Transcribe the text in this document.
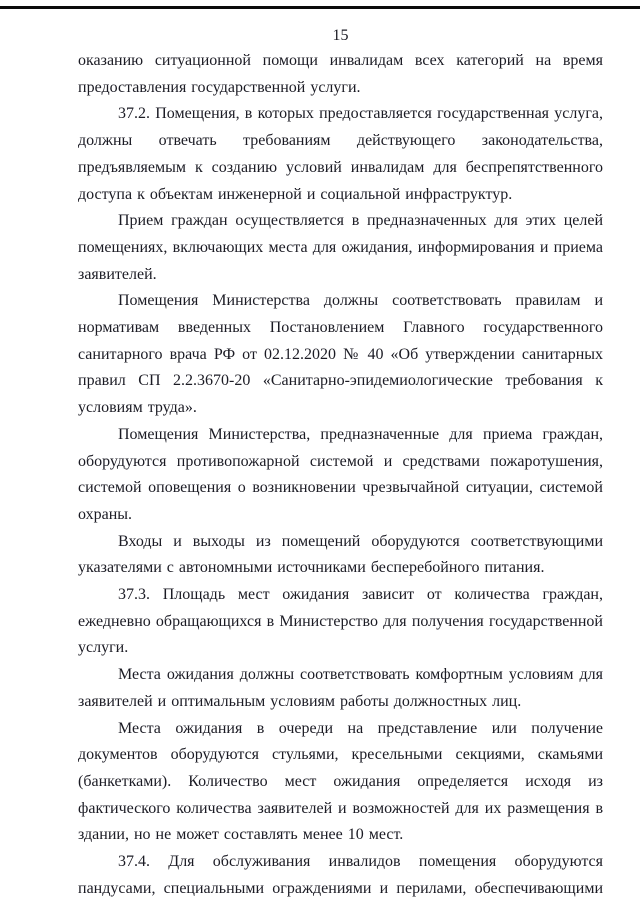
15

оказанию ситуационной помощи инвалидам всех категорий на время предоставления государственной услуги.

37.2. Помещения, в которых предоставляется государственная услуга, должны отвечать требованиям действующего законодательства, предъявляемым к созданию условий инвалидам для беспрепятственного доступа к объектам инженерной и социальной инфраструктур.

Прием граждан осуществляется в предназначенных для этих целей помещениях, включающих места для ожидания, информирования и приема заявителей.

Помещения Министерства должны соответствовать правилам и нормативам введенных Постановлением Главного государственного санитарного врача РФ от 02.12.2020 № 40 «Об утверждении санитарных правил СП 2.2.3670-20 «Санитарно-эпидемиологические требования к условиям труда».

Помещения Министерства, предназначенные для приема граждан, оборудуются противопожарной системой и средствами пожаротушения, системой оповещения о возникновении чрезвычайной ситуации, системой охраны.

Входы и выходы из помещений оборудуются соответствующими указателями с автономными источниками бесперебойного питания.

37.3. Площадь мест ожидания зависит от количества граждан, ежедневно обращающихся в Министерство для получения государственной услуги.

Места ожидания должны соответствовать комфортным условиям для заявителей и оптимальным условиям работы должностных лиц.

Места ожидания в очереди на представление или получение документов оборудуются стульями, кресельными секциями, скамьями (банкетками). Количество мест ожидания определяется исходя из фактического количества заявителей и возможностей для их размещения в здании, но не может составлять менее 10 мест.

37.4. Для обслуживания инвалидов помещения оборудуются пандусами, специальными ограждениями и перилами, обеспечивающими
